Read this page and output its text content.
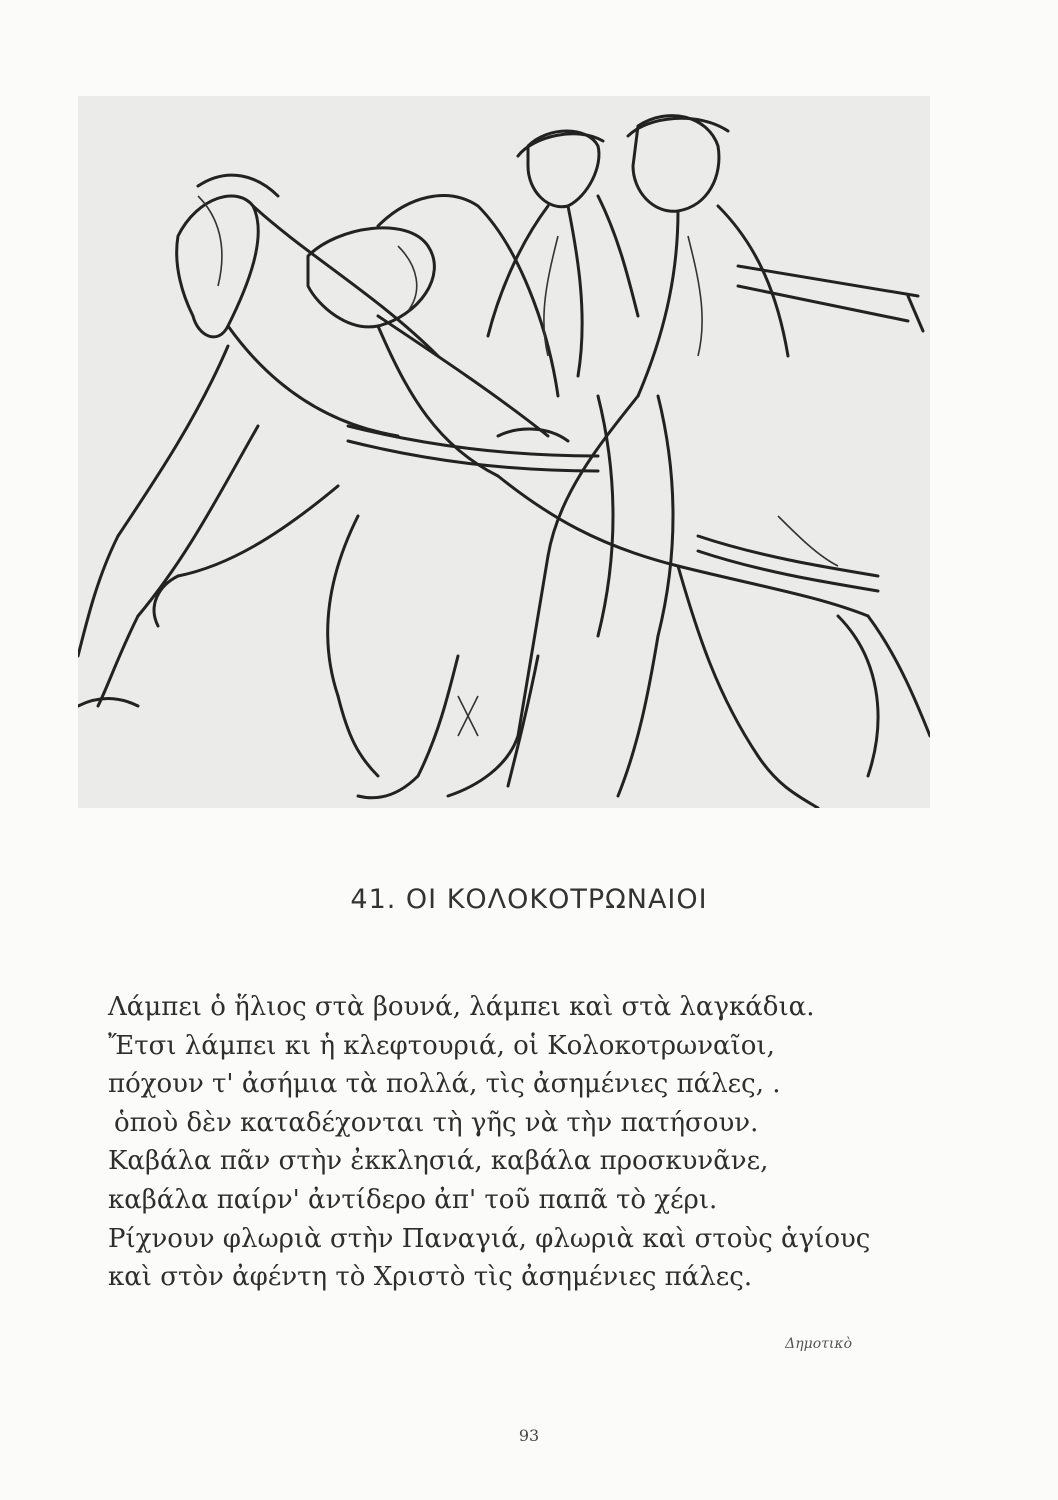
41. ΟΙ ΚΟΛΟΚΟΤΡΩΝΑΙΟΙ
Λάμπει ὁ ἥλιος στὰ βουνά, λάμπει καὶ στὰ λαγκάδια.
Ἔτσι λάμπει κι ἡ κλεφτουριά, οἱ Κολοκοτρωναῖοι,
πόχουν τ' ἀσήμια τὰ πολλά, τὶς ἀσημένιες πάλες, .
ὁποὺ δὲν καταδέχονται τὴ γῆς νὰ τὴν πατήσουν.
Καβάλα πᾶν στὴν ἐκκλησιά, καβάλα προσκυνᾶνε,
καβάλα παίρν' ἀντίδερο ἀπ' τοῦ παπᾶ τὸ χέρι.
Ρίχνουν φλωριὰ στὴν Παναγιά, φλωριὰ καὶ στοὺς ἁγίους
καὶ στὸν ἀφέντη τὸ Χριστὸ τὶς ἀσημένιες πάλες.
Δημοτικὸ
93
